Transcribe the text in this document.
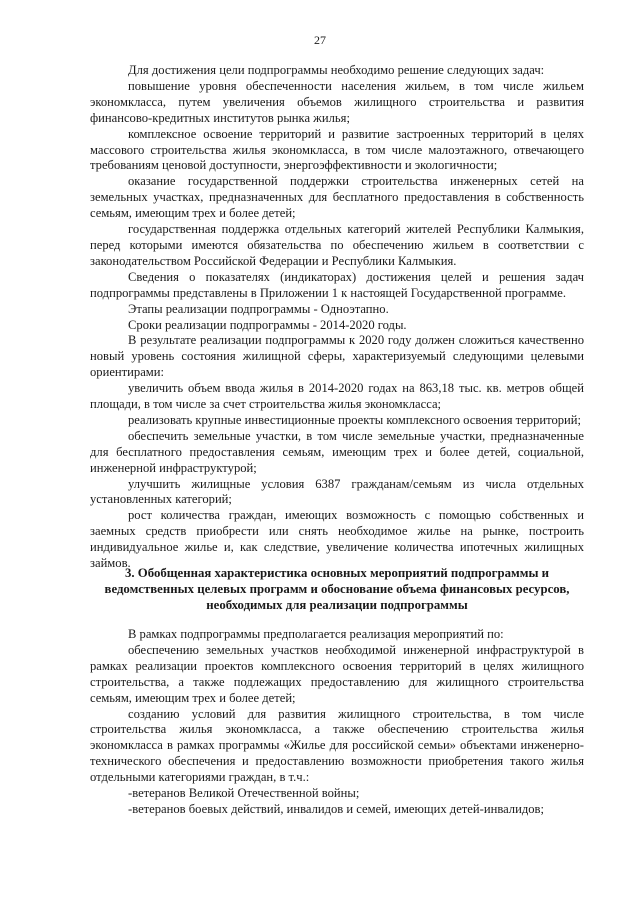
27

Для достижения цели подпрограммы необходимо решение следующих задач:

повышение уровня обеспеченности населения жильем, в том числе жильем экономкласса, путем увеличения объемов жилищного строительства и развития финансово-кредитных институтов рынка жилья;

комплексное освоение территорий и развитие застроенных территорий в целях массового строительства жилья экономкласса, в том числе малоэтажного, отвечающего требованиям ценовой доступности, энергоэффективности и экологичности;

оказание государственной поддержки строительства инженерных сетей на земельных участках, предназначенных для бесплатного предоставления в собственность семьям, имеющим трех и более детей;

государственная поддержка отдельных категорий жителей Республики Калмыкия, перед которыми имеются обязательства по обеспечению жильем в соответствии с законодательством Российской Федерации и Республики Калмыкия.

Сведения о показателях (индикаторах) достижения целей и решения задач подпрограммы представлены в Приложении 1 к настоящей Государственной программе.

Этапы реализации подпрограммы - Одноэтапно.

Сроки реализации подпрограммы - 2014-2020 годы.

В результате реализации подпрограммы к 2020 году должен сложиться качественно новый уровень состояния жилищной сферы, характеризуемый следующими целевыми ориентирами:

увеличить объем ввода жилья в 2014-2020 годах на 863,18 тыс. кв. метров общей площади, в том числе за счет строительства жилья экономкласса;

реализовать крупные инвестиционные проекты комплексного освоения территорий;

обеспечить земельные участки, в том числе земельные участки, предназначенные для бесплатного предоставления семьям, имеющим трех и более детей, социальной, инженерной инфраструктурой;

улучшить жилищные условия 6387 гражданам/семьям из числа отдельных установленных категорий;

рост количества граждан, имеющих возможность с помощью собственных и заемных средств приобрести или снять необходимое жилье на рынке, построить индивидуальное жилье и, как следствие, увеличение количества ипотечных жилищных займов.

3. Обобщенная характеристика основных мероприятий подпрограммы и ведомственных целевых программ и обоснование объема финансовых ресурсов, необходимых для реализации подпрограммы

В рамках подпрограммы предполагается реализация мероприятий по:

обеспечению земельных участков необходимой инженерной инфраструктурой в рамках реализации проектов комплексного освоения территорий в целях жилищного строительства, а также подлежащих предоставлению для жилищного строительства семьям, имеющим трех и более детей;

созданию условий для развития жилищного строительства, в том числе строительства жилья экономкласса, а также обеспечению строительства жилья экономкласса в рамках программы «Жилье для российской семьи» объектами инженерно-технического обеспечения и предоставлению возможности приобретения такого жилья отдельными категориями граждан, в т.ч.:

-ветеранов Великой Отечественной войны;

-ветеранов боевых действий, инвалидов и семей, имеющих детей-инвалидов;
